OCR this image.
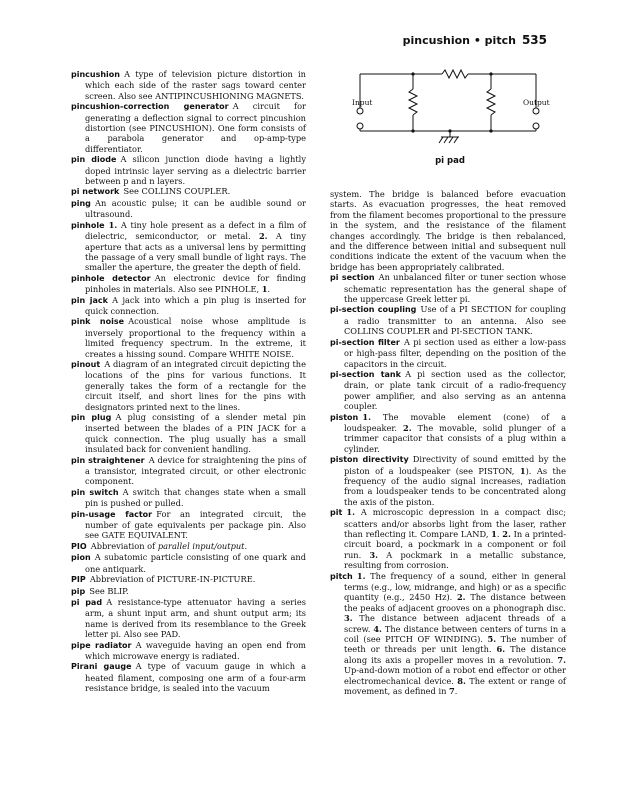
pincushion • pitch 535
Input	Output
pi pad

pincushion  A type of television picture distortion in which each side of the raster sags toward center screen. Also see ANTIPINCUSHIONING MAGNETS.

pincushion-correction generator  A circuit for generating a deflection signal to correct pincushion distortion (see PINCUSHION). One form consists of a parabola generator and op-amp-type differentiator.

pin diode  A silicon junction diode having a lightly doped intrinsic layer serving as a dielectric barrier between p and n layers.

pi network  See COLLINS COUPLER.

ping  An acoustic pulse; it can be audible sound or ultrasound.

pinhole  1. A tiny hole present as a defect in a film of dielectric, semiconductor, or metal. 2. A tiny aperture that acts as a universal lens by permitting the passage of a very small bundle of light rays. The smaller the aperture, the greater the depth of field.

pinhole detector  An electronic device for finding pinholes in materials. Also see PINHOLE, 1.

pin jack  A jack into which a pin plug is inserted for quick connection.

pink noise  Acoustical noise whose amplitude is inversely proportional to the frequency within a limited frequency spectrum. In the extreme, it creates a hissing sound. Compare WHITE NOISE.

pinout  A diagram of an integrated circuit depicting the locations of the pins for various functions. It generally takes the form of a rectangle for the circuit itself, and short lines for the pins with designators printed next to the lines.

pin plug  A plug consisting of a slender metal pin inserted between the blades of a PIN JACK for a quick connection. The plug usually has a small insulated back for convenient handling.

pin straightener  A device for straightening the pins of a transistor, integrated circuit, or other electronic component.

pin switch  A switch that changes state when a small pin is pushed or pulled.

pin-usage factor  For an integrated circuit, the number of gate equivalents per package pin. Also see GATE EQUIVALENT.

PIO  Abbreviation of parallel input/output.

pion  A subatomic particle consisting of one quark and one antiquark.

PIP  Abbreviation of PICTURE-IN-PICTURE.

pip  See BLIP.

pi pad  A resistance-type attenuator having a series arm, a shunt input arm, and shunt output arm; its name is derived from its resemblance to the Greek letter pi. Also see PAD.

pipe radiator  A waveguide having an open end from which microwave energy is radiated.

Pirani gauge  A type of vacuum gauge in which a heated filament, composing one arm of a four-arm resistance bridge, is sealed into the vacuum

system. The bridge is balanced before evacuation starts. As evacuation progresses, the heat removed from the filament becomes proportional to the pressure in the system, and the resistance of the filament changes accordingly. The bridge is then rebalanced, and the difference between initial and subsequent null conditions indicate the extent of the vacuum when the bridge has been appropriately calibrated.

pi section  An unbalanced filter or tuner section whose schematic representation has the general shape of the uppercase Greek letter pi.

pi-section coupling  Use of a PI SECTION for coupling a radio transmitter to an antenna. Also see COLLINS COUPLER and PI-SECTION TANK.

pi-section filter  A pi section used as either a low-pass or high-pass filter, depending on the position of the capacitors in the circuit.

pi-section tank  A pi section used as the collector, drain, or plate tank circuit of a radio-frequency power amplifier, and also serving as an antenna coupler.

piston  1. The movable element (cone) of a loudspeaker. 2. The movable, solid plunger of a trimmer capacitor that consists of a plug within a cylinder.

piston directivity  Directivity of sound emitted by the piston of a loudspeaker (see PISTON, 1). As the frequency of the audio signal increases, radiation from a loudspeaker tends to be concentrated along the axis of the piston.

pit  1. A microscopic depression in a compact disc; scatters and/or absorbs light from the laser, rather than reflecting it. Compare LAND, 1. 2. In a printed-circuit board, a pockmark in a component or foil run. 3. A pockmark in a metallic substance, resulting from corrosion.

pitch  1. The frequency of a sound, either in general terms (e.g., low, midrange, and high) or as a specific quantity (e.g., 2450 Hz). 2. The distance between the peaks of adjacent grooves on a phonograph disc. 3. The distance between adjacent threads of a screw. 4. The distance between centers of turns in a coil (see PITCH OF WINDING). 5. The number of teeth or threads per unit length. 6. The distance along its axis a propeller moves in a revolution. 7. Up-and-down motion of a robot end effector or other electromechanical device. 8. The extent or range of movement, as defined in 7.
